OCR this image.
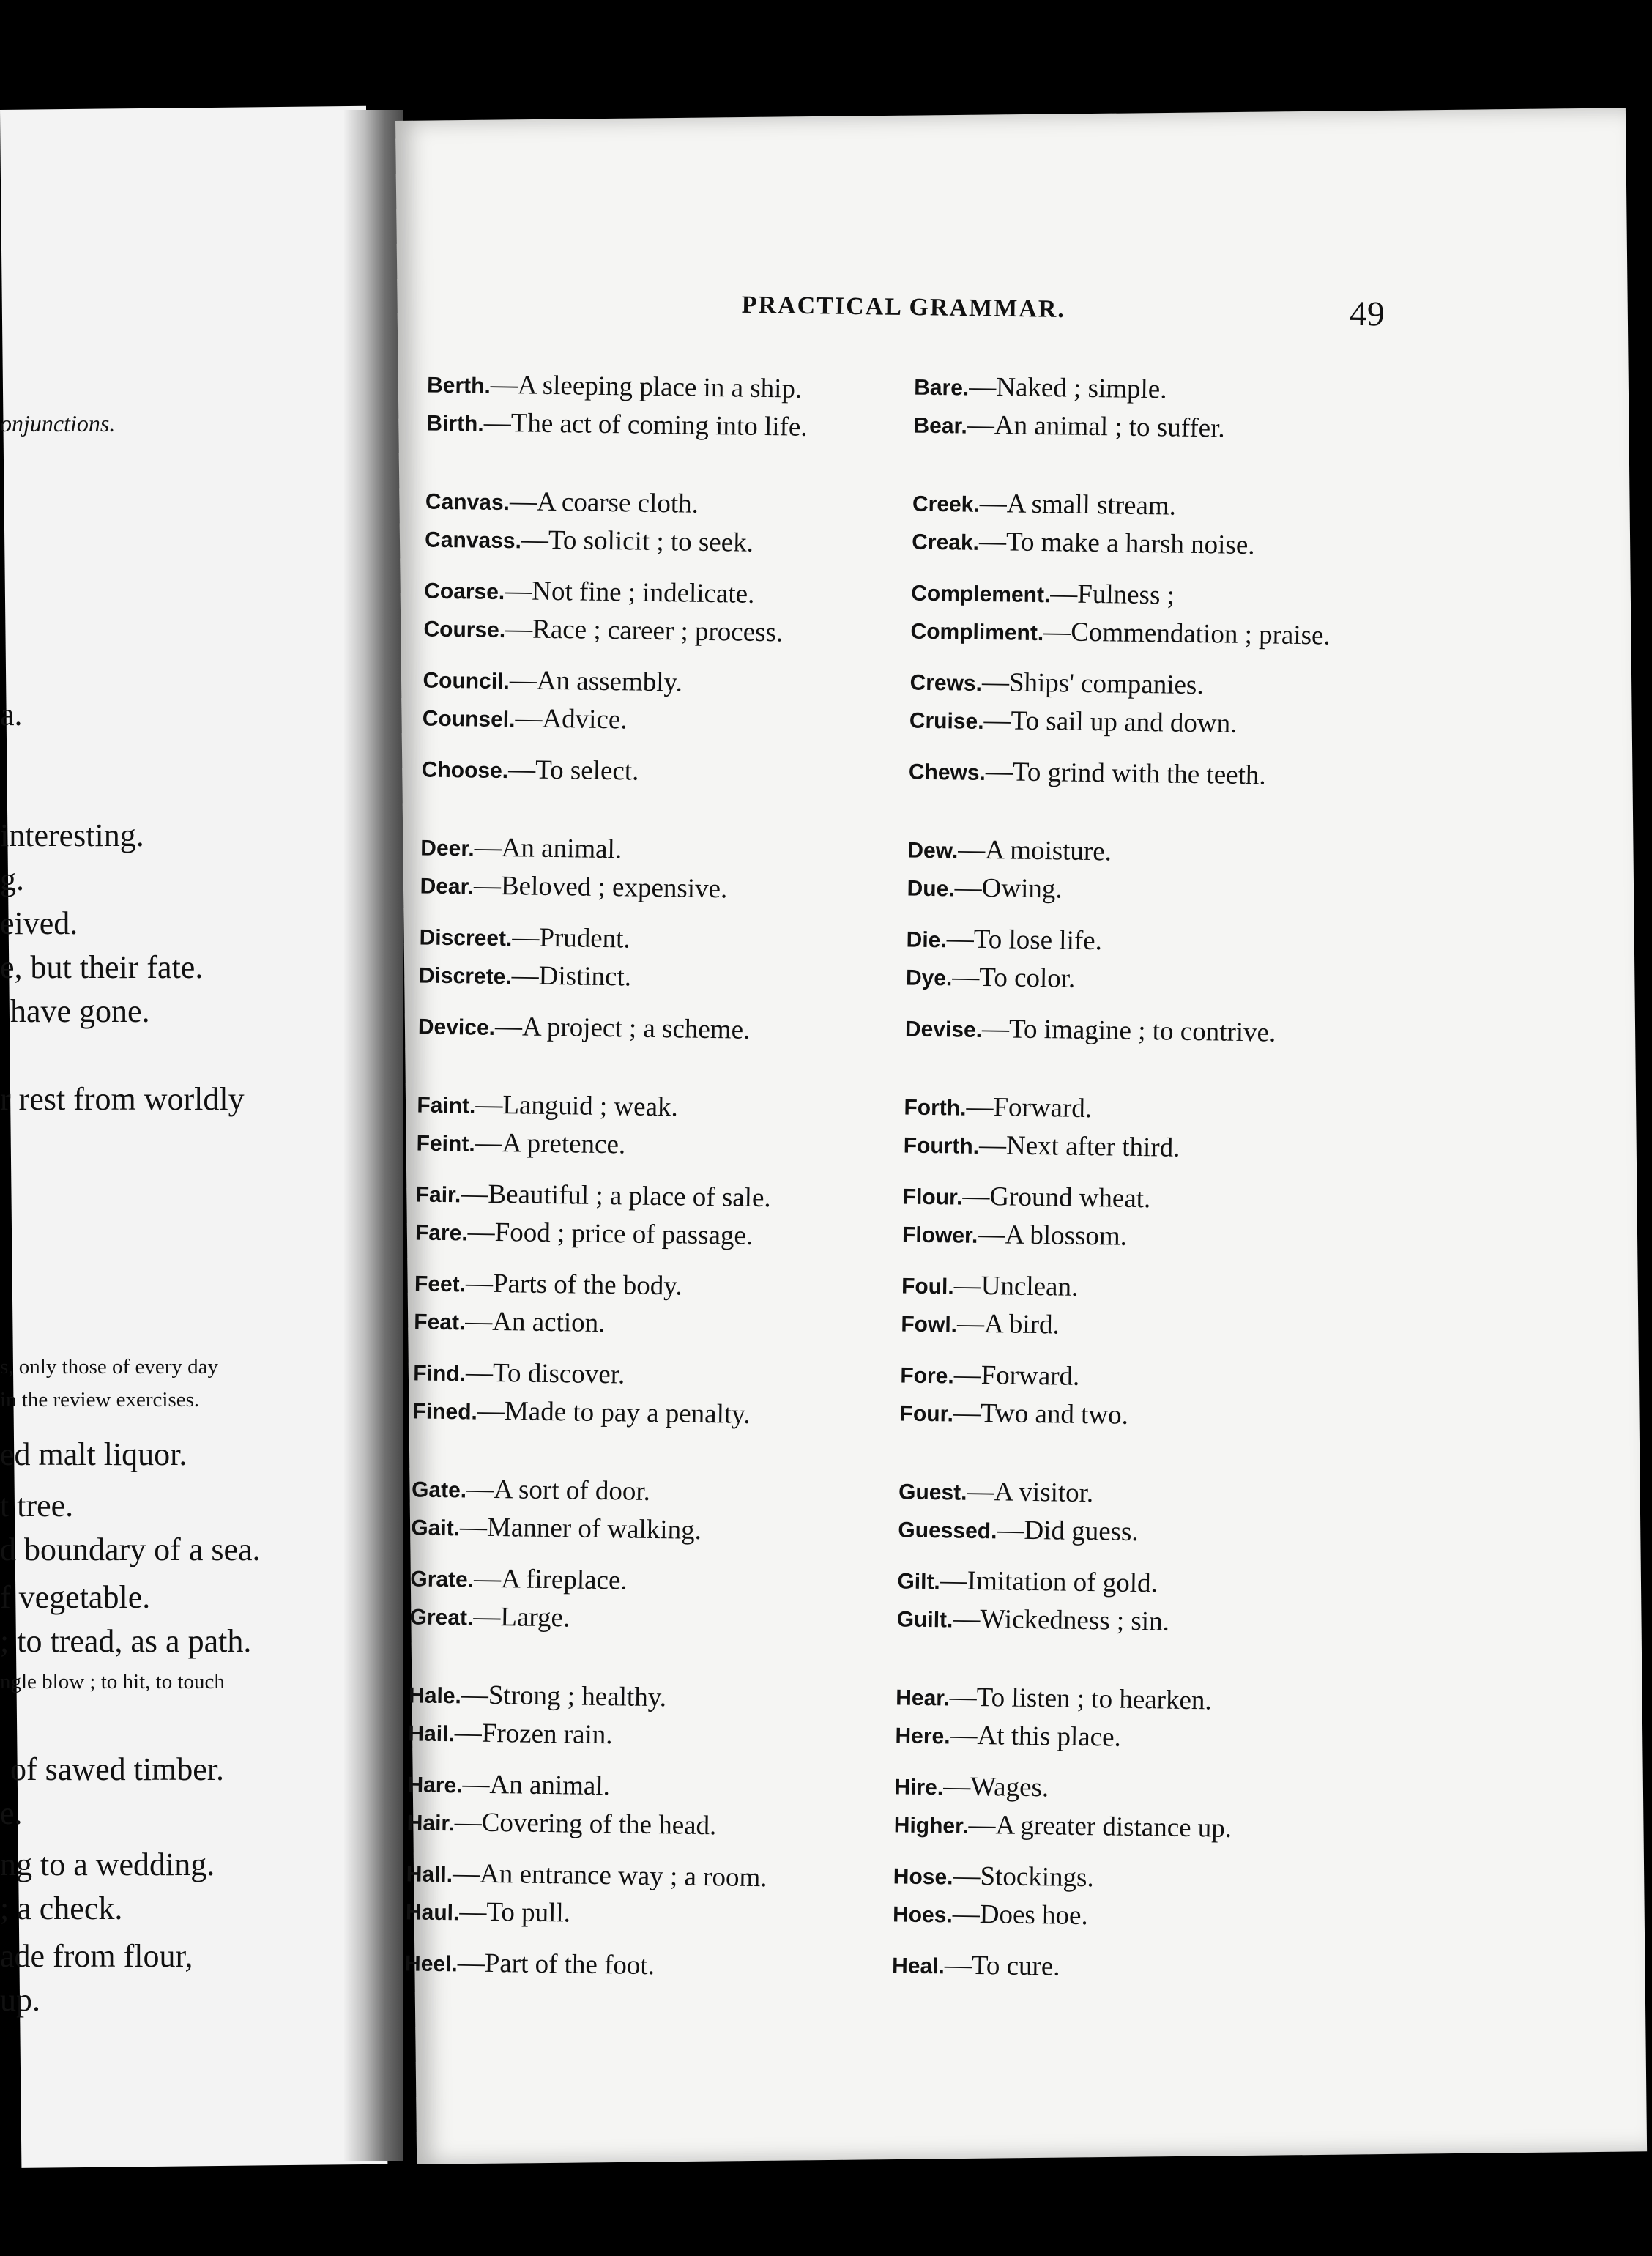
PRACTICAL GRAMMAR.	49
Berth.—A sleeping place in a ship.
Birth.—The act of coming into life.
Canvas.—A coarse cloth.
Canvass.—To solicit ; to seek.
Coarse.—Not fine ; indelicate.
Course.—Race ; career ; process.
Council.—An assembly.
Counsel.—Advice.
Choose.—To select.
Deer.—An animal.
Dear.—Beloved ; expensive.
Discreet.—Prudent.
Discrete.—Distinct.
Device.—A project ; a scheme.
Faint.—Languid ; weak.
Feint.—A pretence.
Fair.—Beautiful ; a place of sale.
Fare.—Food ; price of passage.
Feet.—Parts of the body.
Feat.—An action.
Find.—To discover.
Fined.—Made to pay a penalty.
Gate.—A sort of door.
Gait.—Manner of walking.
Grate.—A fireplace.
Great.—Large.
Hale.—Strong ; healthy.
Hail.—Frozen rain.
Hare.—An animal.
Hair.—Covering of the head.
Hall.—An entrance way ; a room.
Haul.—To pull.
Heel.—Part of the foot.
Bare.—Naked ; simple.
Bear.—An animal ; to suffer.
Creek.—A small stream.
Creak.—To make a harsh noise.
Complement.—Fulness ;
Compliment.—Commendation ; praise.
Crews.—Ships' companies.
Cruise.—To sail up and down.
Chews.—To grind with the teeth.
Dew.—A moisture.
Due.—Owing.
Die.—To lose life.
Dye.—To color.
Devise.—To imagine ; to contrive.
Forth.—Forward.
Fourth.—Next after third.
Flour.—Ground wheat.
Flower.—A blossom.
Foul.—Unclean.
Fowl.—A bird.
Fore.—Forward.
Four.—Two and two.
Guest.—A visitor.
Guessed.—Did guess.
Gilt.—Imitation of gold.
Guilt.—Wickedness ; sin.
Hear.—To listen ; to hearken.
Here.—At this place.
Hire.—Wages.
Higher.—A greater distance up.
Hose.—Stockings.
Hoes.—Does hoe.
Heal.—To cure.
onjunctions.
a.
interesting.
g.
eived.
e, but their fate.
have gone.
r rest from worldly
s, only those of every day
in the review exercises.
ed malt liquor.
t tree.
d boundary of a sea.
f vegetable.
; to tread, as a path.
ngle blow ; to hit, to touch
of sawed timber.
e.
ng to a wedding.
; a check.
ade from flour,
up.
